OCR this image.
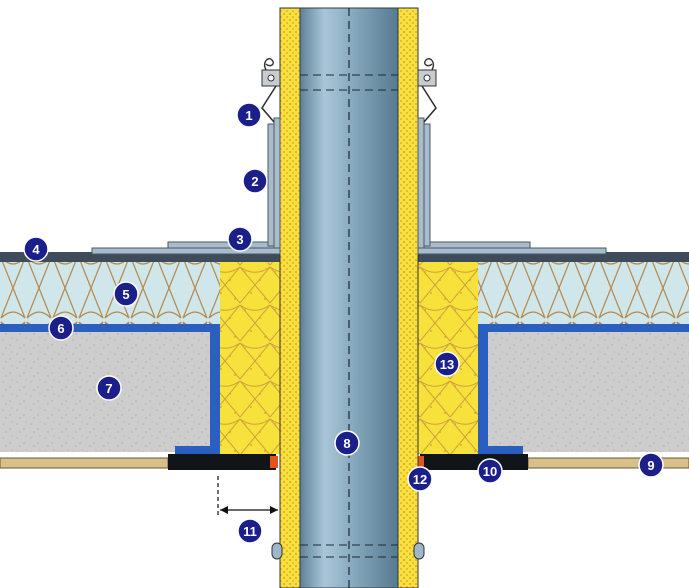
1
2
3
4
5
6
7
8
9
10
11
12
13
